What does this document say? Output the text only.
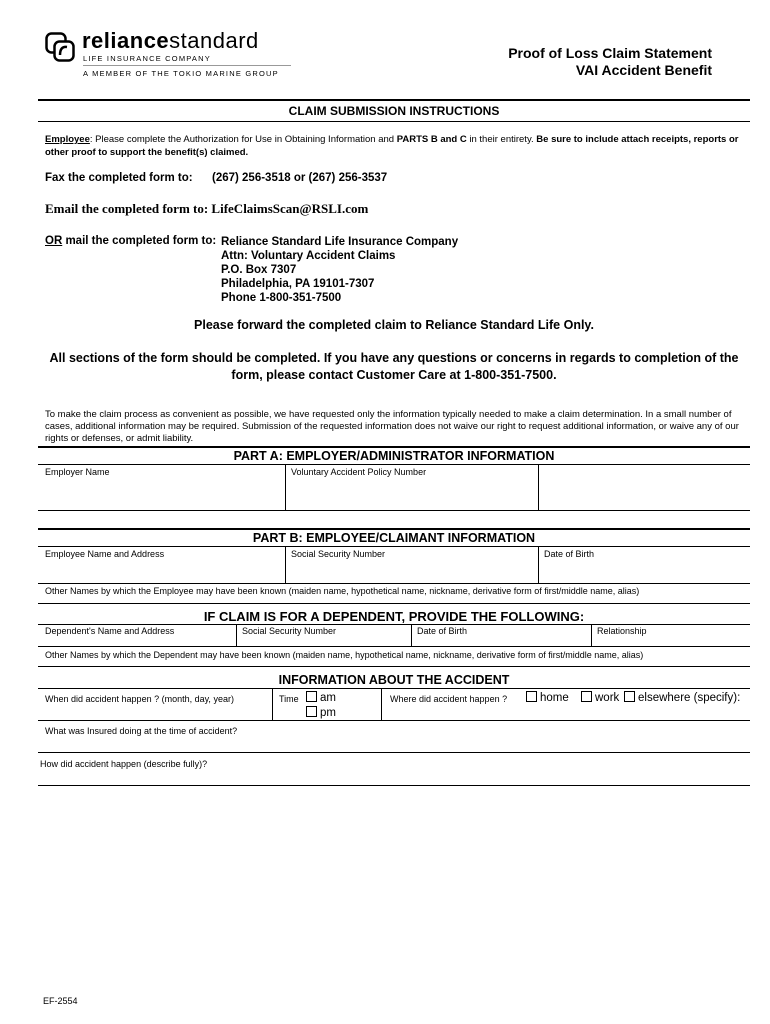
reliancestandard
LIFE INSURANCE COMPANY
A MEMBER OF THE TOKIO MARINE GROUP
Proof of Loss Claim Statement
VAI Accident Benefit
CLAIM SUBMISSION INSTRUCTIONS
Employee: Please complete the Authorization for Use in Obtaining Information and PARTS B and C in their entirety. Be sure to include attach receipts, reports or other proof to support the benefit(s) claimed.
Fax the completed form to: (267) 256-3518 or (267) 256-3537
Email the completed form to: LifeClaimsScan@RSLI.com
OR mail the completed form to: Reliance Standard Life Insurance Company
Attn: Voluntary Accident Claims
P.O. Box 7307
Philadelphia, PA 19101-7307
Phone 1-800-351-7500
Please forward the completed claim to Reliance Standard Life Only.
All sections of the form should be completed. If you have any questions or concerns in regards to completion of the form, please contact Customer Care at 1-800-351-7500.
To make the claim process as convenient as possible, we have requested only the information typically needed to make a claim determination. In a small number of cases, additional information may be required. Submission of the requested information does not waive our right to request additional information, or waive any of our rights or defenses, or admit liability.
PART A: EMPLOYER/ADMINISTRATOR INFORMATION
Employer Name	Voluntary Accident Policy Number
PART B: EMPLOYEE/CLAIMANT INFORMATION
Employee Name and Address	Social Security Number	Date of Birth
Other Names by which the Employee may have been known (maiden name, hypothetical name, nickname, derivative form of first/middle name, alias)
IF CLAIM IS FOR A DEPENDENT, PROVIDE THE FOLLOWING:
Dependent's Name and Address	Social Security Number	Date of Birth	Relationship
Other Names by which the Dependent may have been known (maiden name, hypothetical name, nickname, derivative form of first/middle name, alias)
INFORMATION ABOUT THE ACCIDENT
When did accident happen ? (month, day, year)	Time	am
pm
Where did accident happen ?	home	work	elsewhere (specify):
What was Insured doing at the time of accident?
How did accident happen (describe fully)?
EF-2554
